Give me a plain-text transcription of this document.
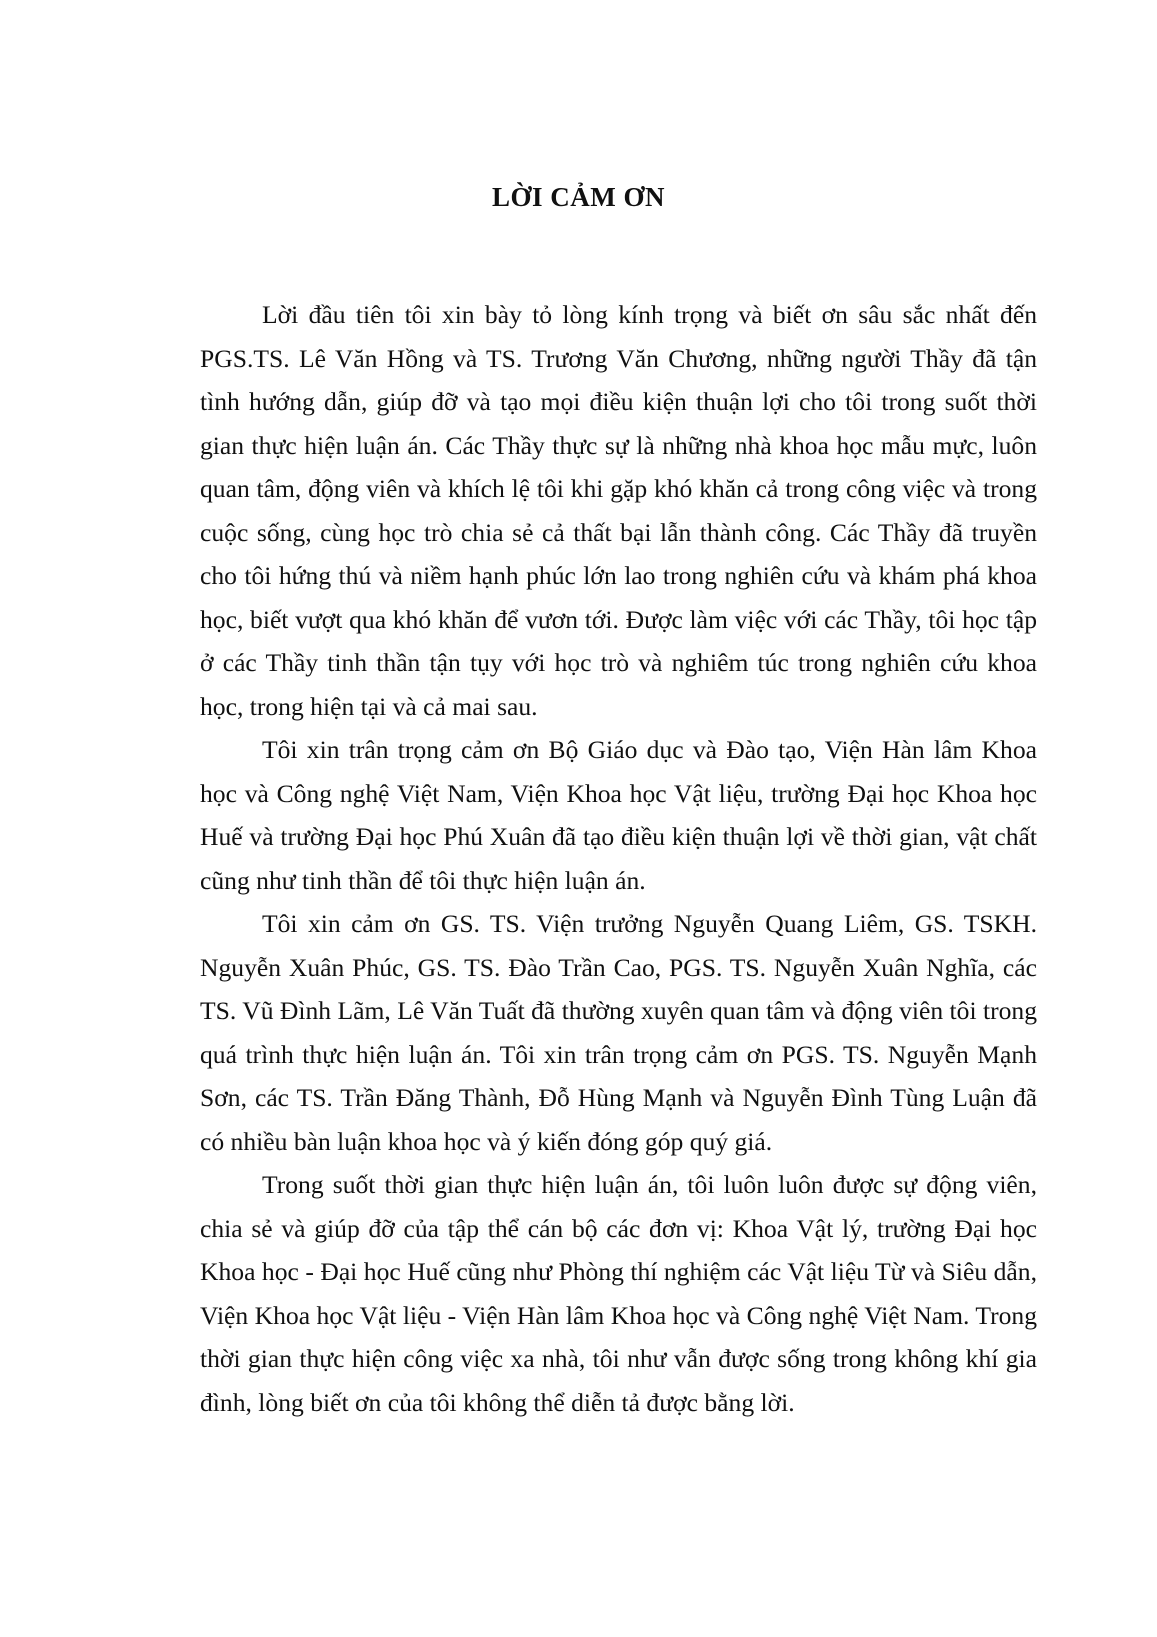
LỜI CẢM ƠN

Lời đầu tiên tôi xin bày tỏ lòng kính trọng và biết ơn sâu sắc nhất đến PGS.TS. Lê Văn Hồng và TS. Trương Văn Chương, những người Thầy đã tận tình hướng dẫn, giúp đỡ và tạo mọi điều kiện thuận lợi cho tôi trong suốt thời gian thực hiện luận án. Các Thầy thực sự là những nhà khoa học mẫu mực, luôn quan tâm, động viên và khích lệ tôi khi gặp khó khăn cả trong công việc và trong cuộc sống, cùng học trò chia sẻ cả thất bại lẫn thành công. Các Thầy đã truyền cho tôi hứng thú và niềm hạnh phúc lớn lao trong nghiên cứu và khám phá khoa học, biết vượt qua khó khăn để vươn tới. Được làm việc với các Thầy, tôi học tập ở các Thầy tinh thần tận tụy với học trò và nghiêm túc trong nghiên cứu khoa học, trong hiện tại và cả mai sau.

Tôi xin trân trọng cảm ơn Bộ Giáo dục và Đào tạo, Viện Hàn lâm Khoa học và Công nghệ Việt Nam, Viện Khoa học Vật liệu, trường Đại học Khoa học Huế và trường Đại học Phú Xuân đã tạo điều kiện thuận lợi về thời gian, vật chất cũng như tinh thần để tôi thực hiện luận án.

Tôi xin cảm ơn GS. TS. Viện trưởng Nguyễn Quang Liêm, GS. TSKH. Nguyễn Xuân Phúc, GS. TS. Đào Trần Cao, PGS. TS. Nguyễn Xuân Nghĩa, các TS. Vũ Đình Lãm, Lê Văn Tuất đã thường xuyên quan tâm và động viên tôi trong quá trình thực hiện luận án. Tôi xin trân trọng cảm ơn PGS. TS. Nguyễn Mạnh Sơn, các TS. Trần Đăng Thành, Đỗ Hùng Mạnh và Nguyễn Đình Tùng Luận đã có nhiều bàn luận khoa học và ý kiến đóng góp quý giá.

Trong suốt thời gian thực hiện luận án, tôi luôn luôn được sự động viên, chia sẻ và giúp đỡ của tập thể cán bộ các đơn vị: Khoa Vật lý, trường Đại học Khoa học - Đại học Huế cũng như Phòng thí nghiệm các Vật liệu Từ và Siêu dẫn, Viện Khoa học Vật liệu - Viện Hàn lâm Khoa học và Công nghệ Việt Nam. Trong thời gian thực hiện công việc xa nhà, tôi như vẫn được sống trong không khí gia đình, lòng biết ơn của tôi không thể diễn tả được bằng lời.
